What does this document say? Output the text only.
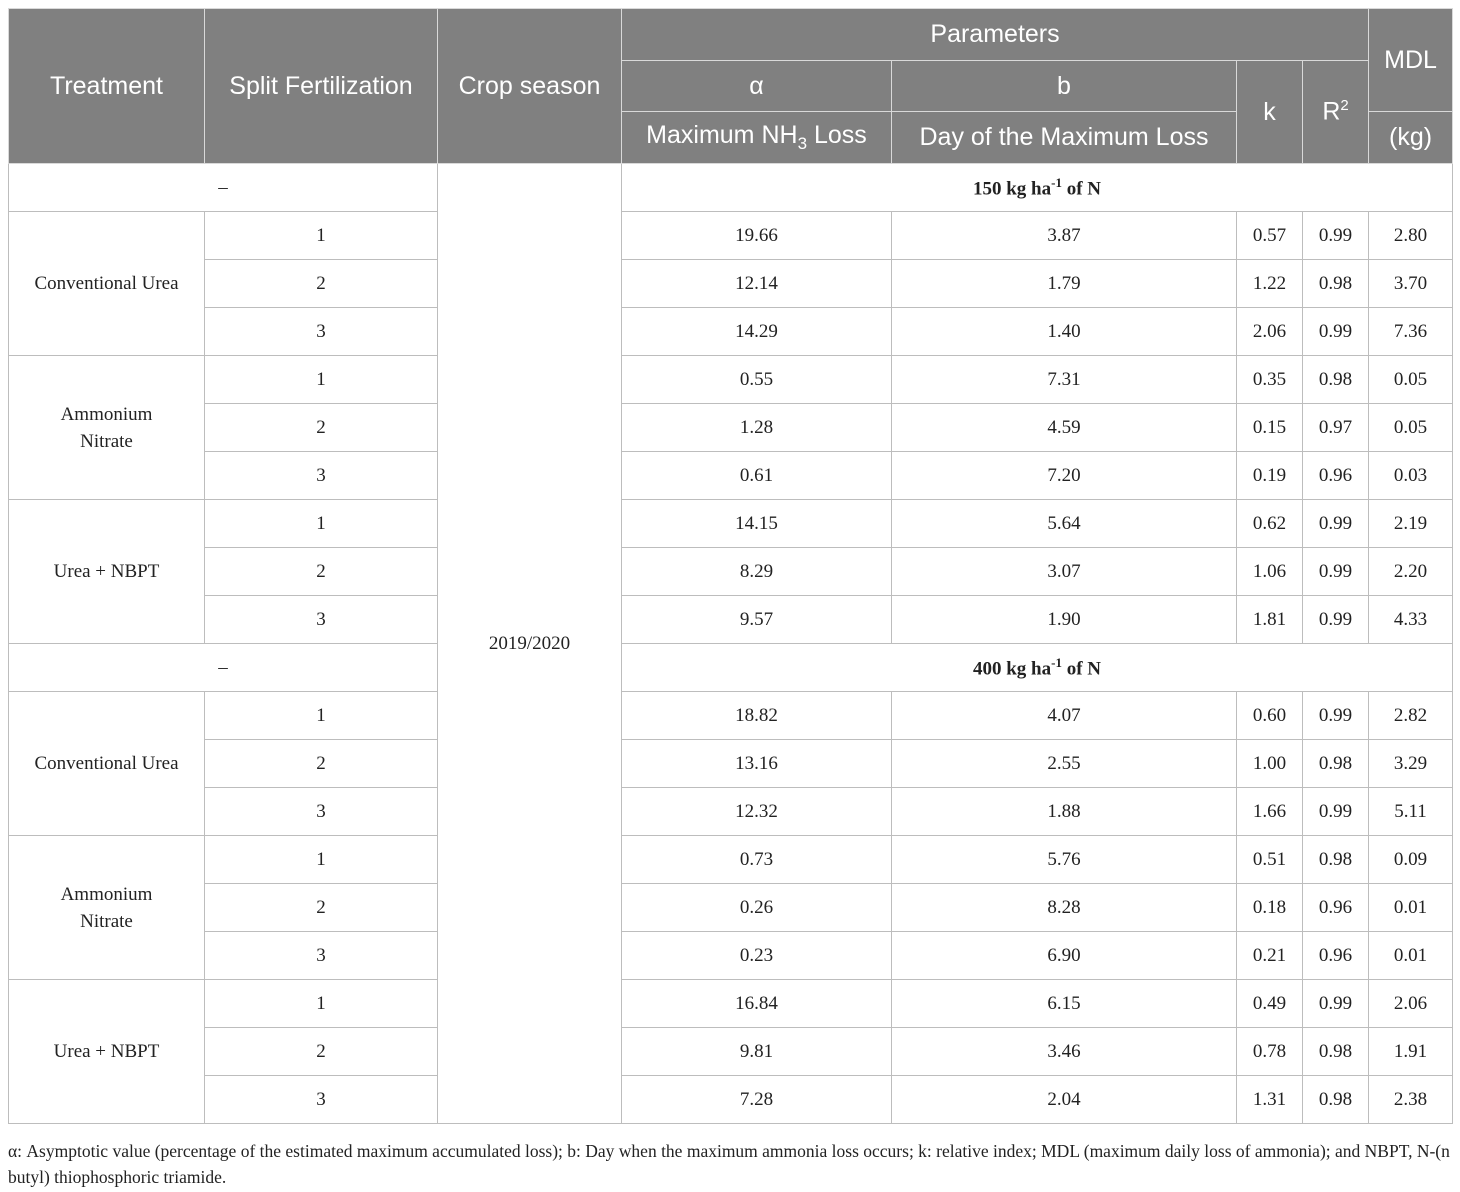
Treatment	Split Fertilization	Crop season	Parameters				MDL
			α	b	k	$R^2$
			Maximum $NH_3$ Loss	Day of the Maximum Loss			(kg)
–		2019/2020	150 kg $ha^{-1}$ of N				
Conventional Urea	1		19.66	3.87	0.57	0.99	2.80
	2		12.14	1.79	1.22	0.98	3.70
	3		14.29	1.40	2.06	0.99	7.36
Ammonium Nitrate	1		0.55	7.31	0.35	0.98	0.05
	2		1.28	4.59	0.15	0.97	0.05
	3		0.61	7.20	0.19	0.96	0.03
Urea + NBPT	1		14.15	5.64	0.62	0.99	2.19
	2		8.29	3.07	1.06	0.99	2.20
	3		9.57	1.90	1.81	0.99	4.33
–			400 kg $ha^{-1}$ of N				
Conventional Urea	1		18.82	4.07	0.60	0.99	2.82
	2		13.16	2.55	1.00	0.98	3.29
	3		12.32	1.88	1.66	0.99	5.11
Ammonium Nitrate	1		0.73	5.76	0.51	0.98	0.09
	2		0.26	8.28	0.18	0.96	0.01
	3		0.23	6.90	0.21	0.96	0.01
Urea + NBPT	1		16.84	6.15	0.49	0.99	2.06
	2		9.81	3.46	0.78	0.98	1.91
	3		7.28	2.04	1.31	0.98	2.38
α: Asymptotic value (percentage of the estimated maximum accumulated loss); b: Day when the maximum ammonia loss occurs; k: relative index; MDL (maximum daily loss of ammonia); and NBPT, N-(n butyl) thiophosphoric triamide.
